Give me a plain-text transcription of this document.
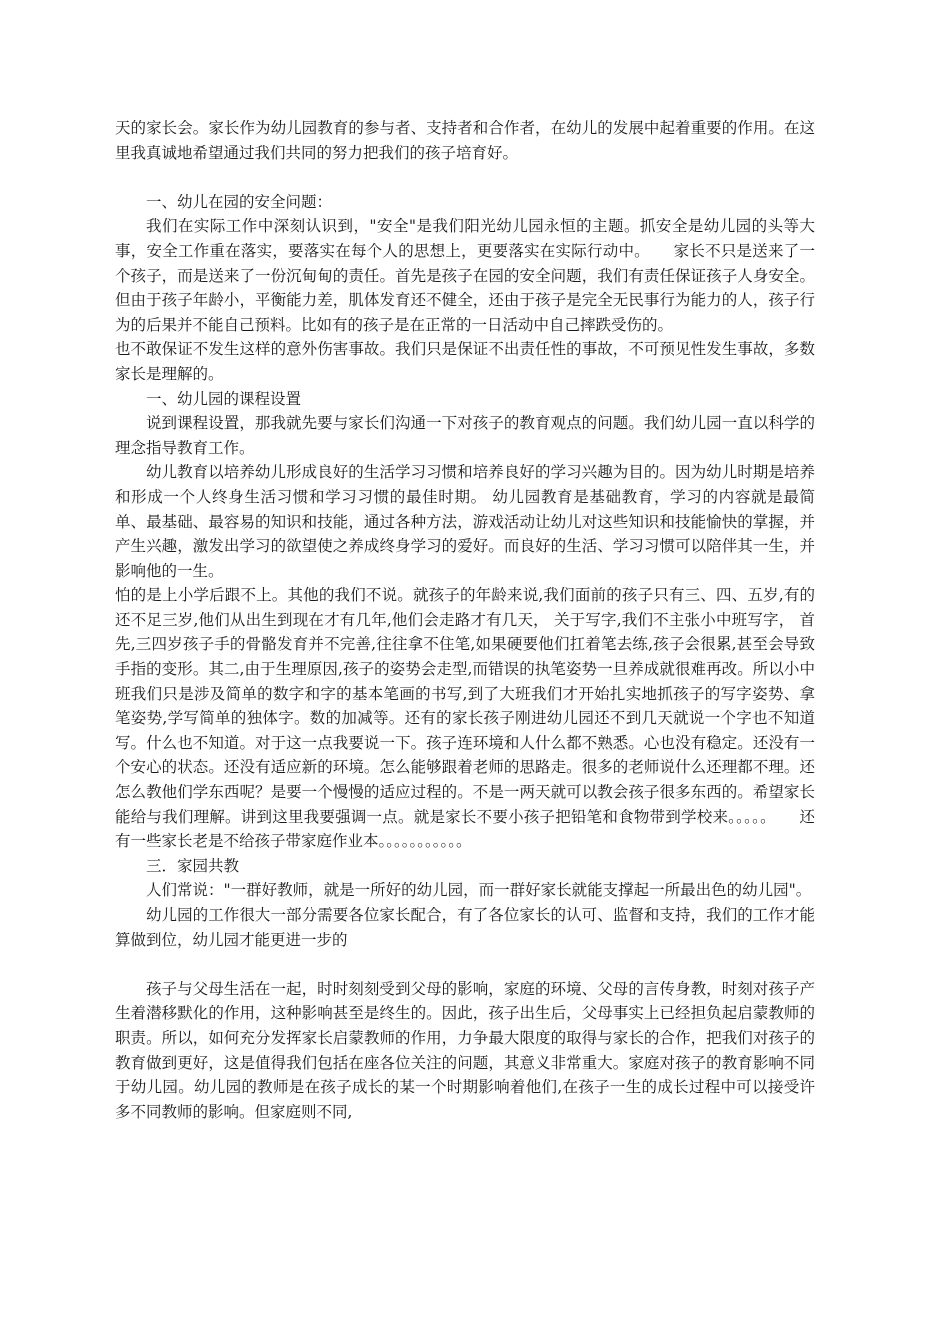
天的家长会。家长作为幼儿园教育的参与者、支持者和合作者，在幼儿的发展中起着重要的作用。在这里我真诚地希望通过我们共同的努力把我们的孩子培育好。

一、幼儿在园的安全问题：

我们在实际工作中深刻认识到，"安全"是我们阳光幼儿园永恒的主题。抓安全是幼儿园的头等大事，安全工作重在落实，要落实在每个人的思想上，更要落实在实际行动中。　　家长不只是送来了一个孩子，而是送来了一份沉甸甸的责任。首先是孩子在园的安全问题，我们有责任保证孩子人身安全。但由于孩子年龄小，平衡能力差，肌体发育还不健全，还由于孩子是完全无民事行为能力的人，孩子行为的后果并不能自己预料。比如有的孩子是在正常的一日活动中自己摔跌受伤的。

也不敢保证不发生这样的意外伤害事故。我们只是保证不出责任性的事故，不可预见性发生事故，多数家长是理解的。

一、幼儿园的课程设置

说到课程设置，那我就先要与家长们沟通一下对孩子的教育观点的问题。我们幼儿园一直以科学的理念指导教育工作。

幼儿教育以培养幼儿形成良好的生活学习习惯和培养良好的学习兴趣为目的。因为幼儿时期是培养和形成一个人终身生活习惯和学习习惯的最佳时期。 幼儿园教育是基础教育，学习的内容就是最简单、最基础、最容易的知识和技能，通过各种方法，游戏活动让幼儿对这些知识和技能愉快的掌握，并产生兴趣，激发出学习的欲望使之养成终身学习的爱好。而良好的生活、学习习惯可以陪伴其一生，并影响他的一生。

怕的是上小学后跟不上。其他的我们不说。就孩子的年龄来说,我们面前的孩子只有三、四、五岁,有的还不足三岁,他们从出生到现在才有几年,他们会走路才有几天， 关于写字,我们不主张小中班写字， 首先,三四岁孩子手的骨骼发育并不完善,往往拿不住笔,如果硬要他们扛着笔去练,孩子会很累,甚至会导致手指的变形。其二,由于生理原因,孩子的姿势会走型,而错误的执笔姿势一旦养成就很难再改。所以小中班我们只是涉及简单的数字和字的基本笔画的书写,到了大班我们才开始扎实地抓孩子的写字姿势、拿笔姿势,学写简单的独体字。数的加减等。还有的家长孩子刚进幼儿园还不到几天就说一个字也不知道写。什么也不知道。对于这一点我要说一下。孩子连环境和人什么都不熟悉。心也没有稳定。还没有一个安心的状态。还没有适应新的环境。怎么能够跟着老师的思路走。很多的老师说什么还理都不理。还怎么教他们学东西呢？是要一个慢慢的适应过程的。不是一两天就可以教会孩子很多东西的。希望家长能给与我们理解。讲到这里我要强调一点。就是家长不要小孩子把铅笔和食物带到学校来。。。。。　　还有一些家长老是不给孩子带家庭作业本。。。。。。。。。。。

三．家园共教

人们常说："一群好教师，就是一所好的幼儿园，而一群好家长就能支撑起一所最出色的幼儿园"。

幼儿园的工作很大一部分需要各位家长配合，有了各位家长的认可、监督和支持，我们的工作才能算做到位，幼儿园才能更进一步的

孩子与父母生活在一起，时时刻刻受到父母的影响，家庭的环境、父母的言传身教，时刻对孩子产生着潜移默化的作用，这种影响甚至是终生的。因此，孩子出生后，父母事实上已经担负起启蒙教师的职责。所以，如何充分发挥家长启蒙教师的作用，力争最大限度的取得与家长的合作，把我们对孩子的教育做到更好，这是值得我们包括在座各位关注的问题，其意义非常重大。家庭对孩子的教育影响不同于幼儿园。幼儿园的教师是在孩子成长的某一个时期影响着他们,在孩子一生的成长过程中可以接受许多不同教师的影响。但家庭则不同,
